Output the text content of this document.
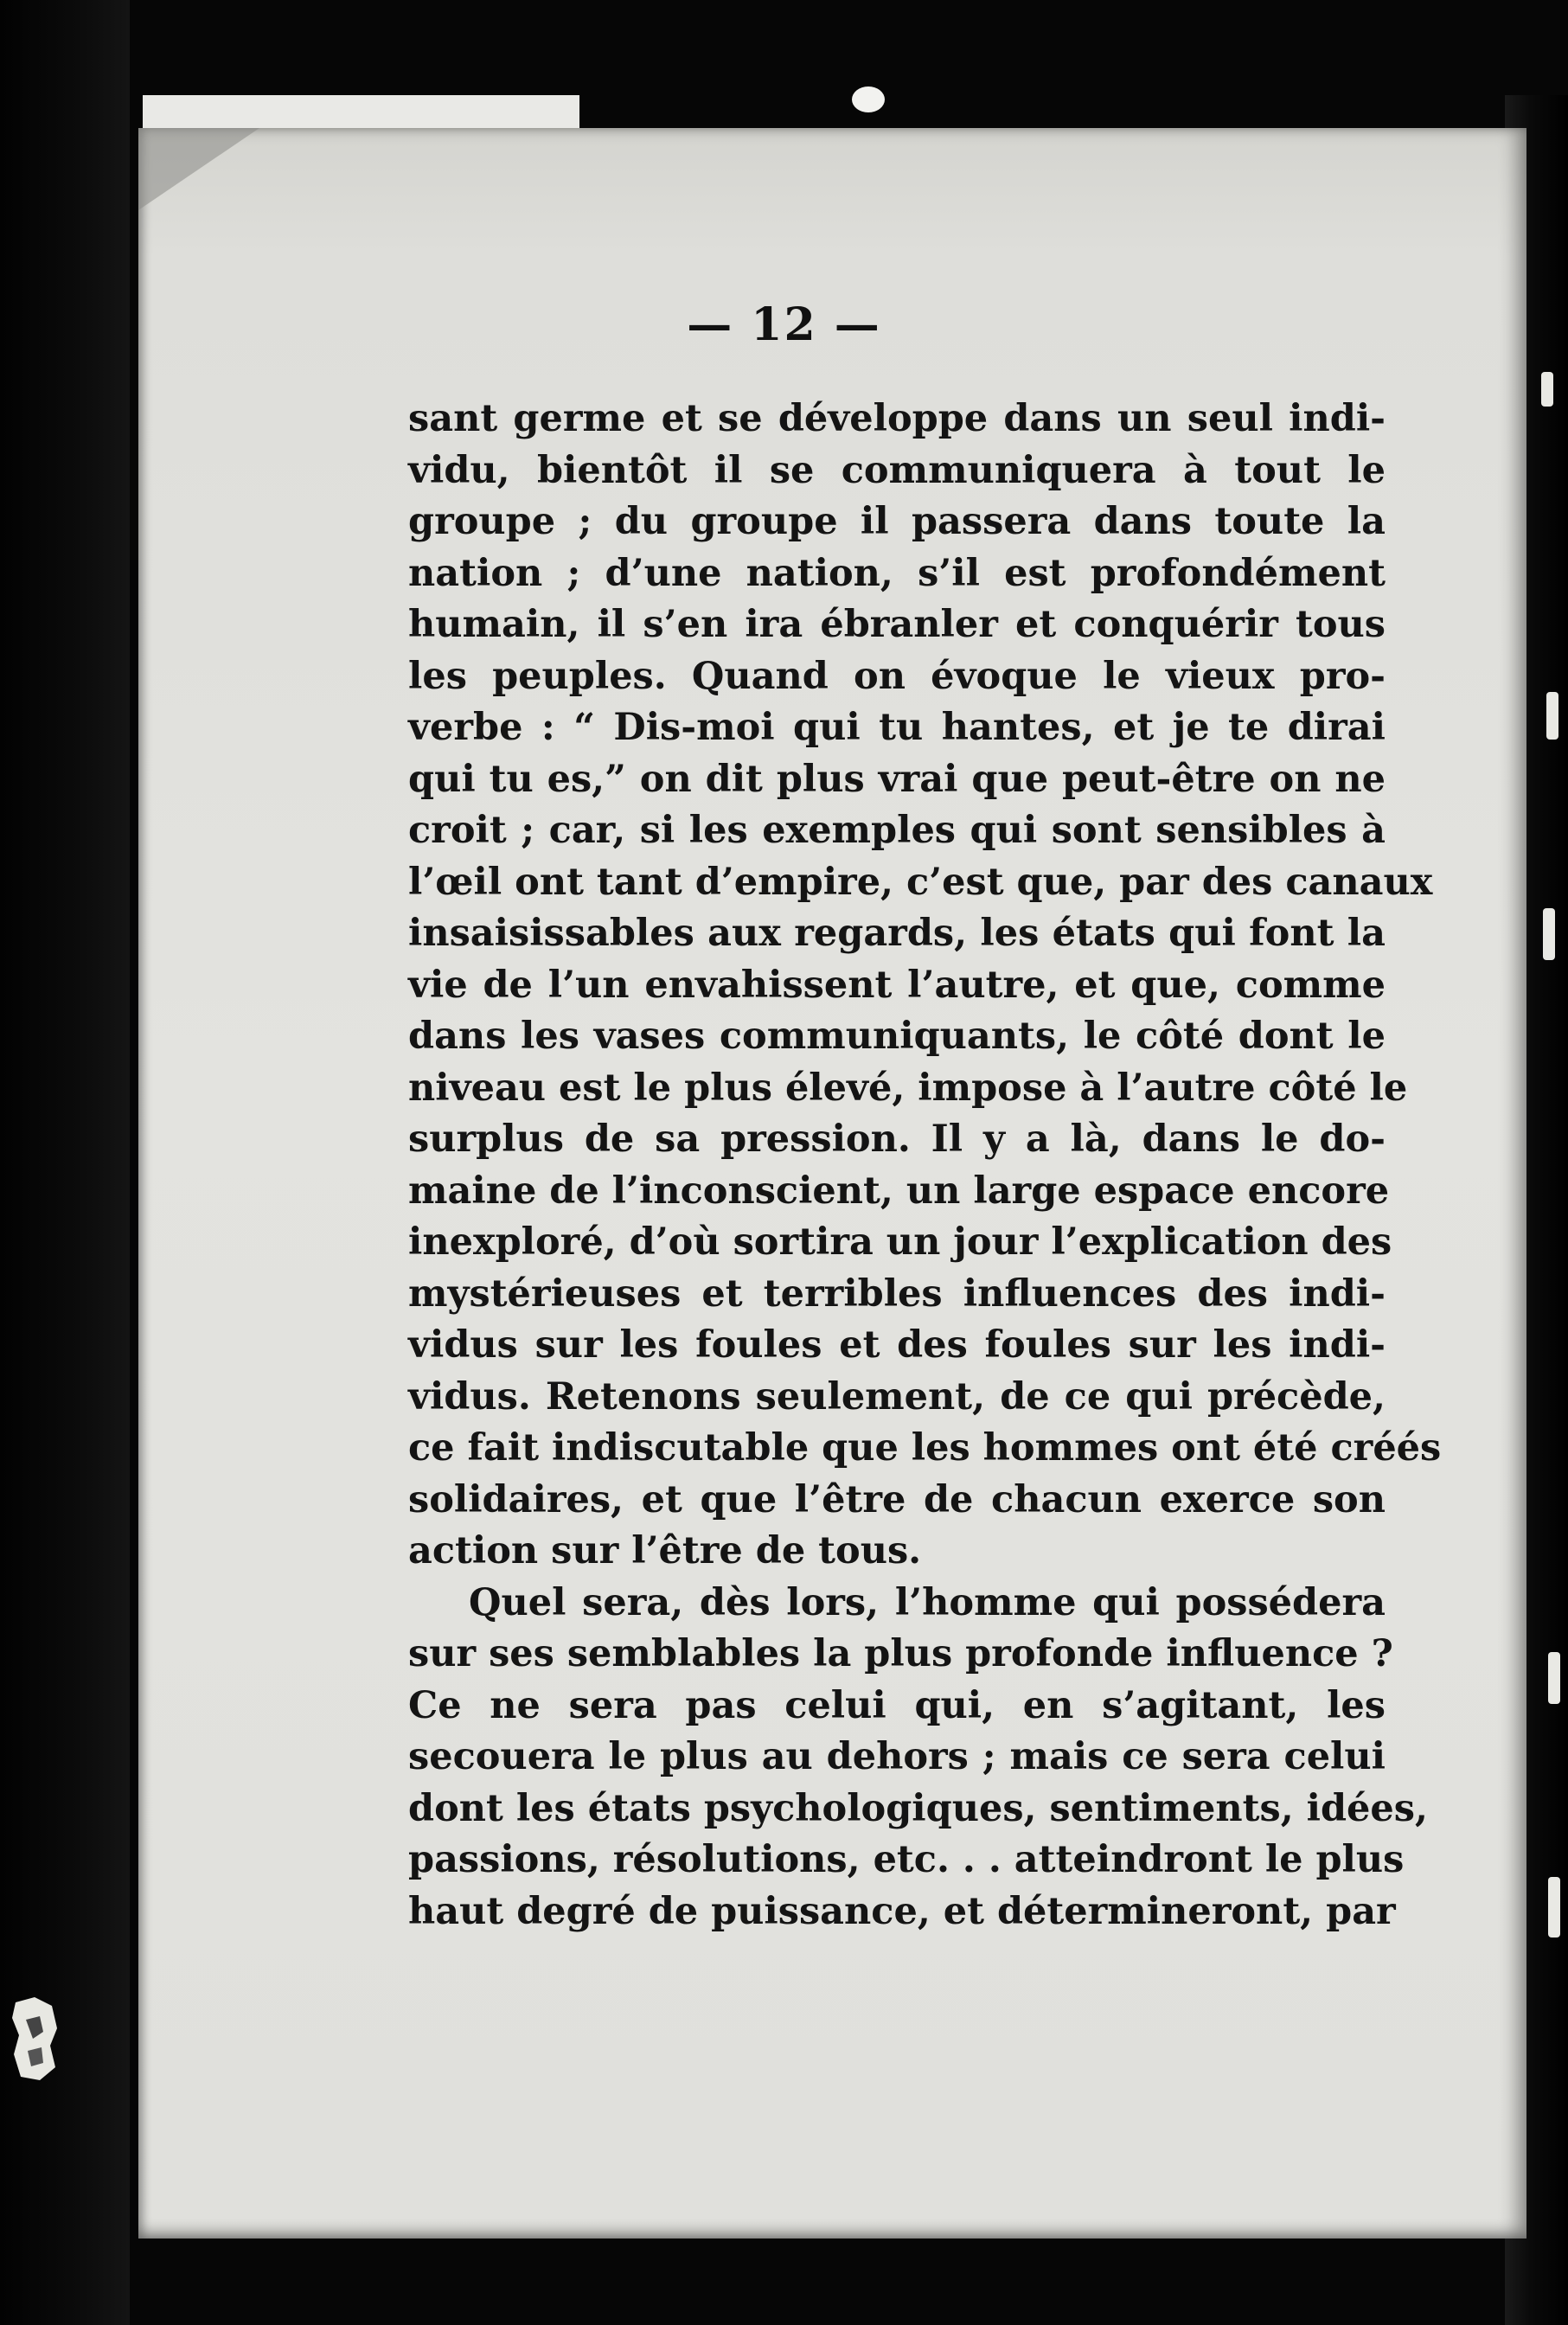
— 12 —
sant germe et se développe dans un seul indi-
vidu, bientôt il se communiquera à tout le
groupe ; du groupe il passera dans toute la
nation ; d’une nation, s’il est profondément
humain, il s’en ira ébranler et conquérir tous
les peuples. Quand on évoque le vieux pro-
verbe : “ Dis-moi qui tu hantes, et je te dirai
qui tu es,” on dit plus vrai que peut-être on ne
croit ; car, si les exemples qui sont sensibles à
l’œil ont tant d’empire, c’est que, par des canaux
insaisissables aux regards, les états qui font la
vie de l’un envahissent l’autre, et que, comme
dans les vases communiquants, le côté dont le
niveau est le plus élevé, impose à l’autre côté le
surplus de sa pression. Il y a là, dans le do-
maine de l’inconscient, un large espace encore
inexploré, d’où sortira un jour l’explication des
mystérieuses et terribles influences des indi-
vidus sur les foules et des foules sur les indi-
vidus. Retenons seulement, de ce qui précède,
ce fait indiscutable que les hommes ont été créés
solidaires, et que l’être de chacun exerce son
action sur l’être de tous.
Quel sera, dès lors, l’homme qui possédera
sur ses semblables la plus profonde influence ?
Ce ne sera pas celui qui, en s’agitant, les
secouera le plus au dehors ; mais ce sera celui
dont les états psychologiques, sentiments, idées,
passions, résolutions, etc. . . atteindront le plus
haut degré de puissance, et détermineront, par
